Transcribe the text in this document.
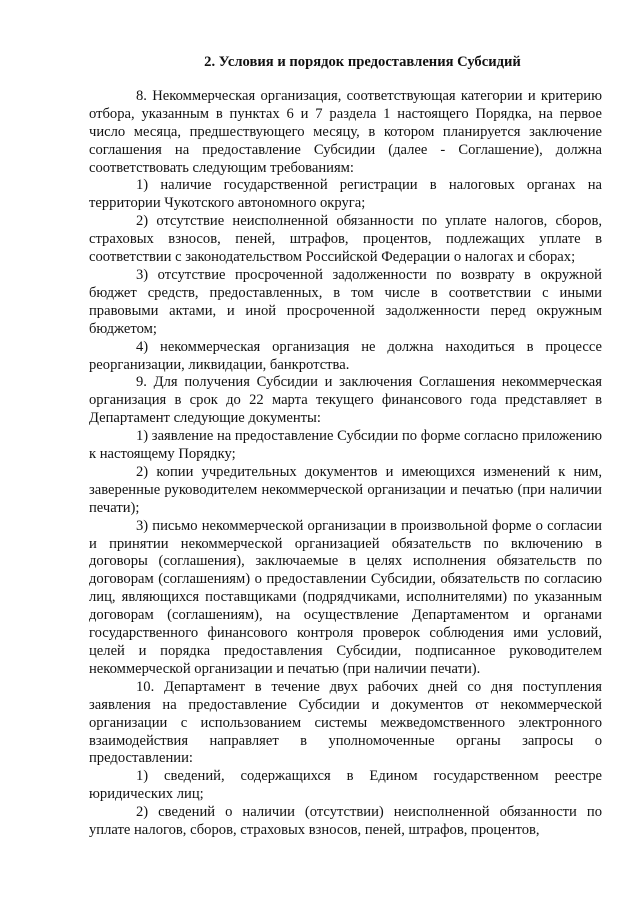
2. Условия и порядок предоставления Субсидий

8. Некоммерческая организация, соответствующая категории и критерию отбора, указанным в пунктах 6 и 7 раздела 1 настоящего Порядка, на первое число месяца, предшествующего месяцу, в котором планируется заключение соглашения на предоставление Субсидии (далее - Соглашение), должна соответствовать следующим требованиям:

1) наличие государственной регистрации в налоговых органах на территории Чукотского автономного округа;

2) отсутствие неисполненной обязанности по уплате налогов, сборов, страховых взносов, пеней, штрафов, процентов, подлежащих уплате в соответствии с законодательством Российской Федерации о налогах и сборах;

3) отсутствие просроченной задолженности по возврату в окружной бюджет средств, предоставленных, в том числе в соответствии с иными правовыми актами, и иной просроченной задолженности перед окружным бюджетом;

4) некоммерческая организация не должна находиться в процессе реорганизации, ликвидации, банкротства.

9. Для получения Субсидии и заключения Соглашения некоммерческая организация в срок до 22 марта текущего финансового года представляет в Департамент следующие документы:

1) заявление на предоставление Субсидии по форме согласно приложению к настоящему Порядку;

2) копии учредительных документов и имеющихся изменений к ним, заверенные руководителем некоммерческой организации и печатью (при наличии печати);

3) письмо некоммерческой организации в произвольной форме о согласии и принятии некоммерческой организацией обязательств по включению в договоры (соглашения), заключаемые в целях исполнения обязательств по договорам (соглашениям) о предоставлении Субсидии, обязательств по согласию лиц, являющихся поставщиками (подрядчиками, исполнителями) по указанным договорам (соглашениям), на осуществление Департаментом и органами государственного финансового контроля проверок соблюдения ими условий, целей и порядка предоставления Субсидии, подписанное руководителем некоммерческой организации и печатью (при наличии печати).

10. Департамент в течение двух рабочих дней со дня поступления заявления на предоставление Субсидии и документов от некоммерческой организации с использованием системы межведомственного электронного взаимодействия направляет в уполномоченные органы запросы о предоставлении:

1) сведений, содержащихся в Едином государственном реестре юридических лиц;

2) сведений о наличии (отсутствии) неисполненной обязанности по уплате налогов, сборов, страховых взносов, пеней, штрафов, процентов,
